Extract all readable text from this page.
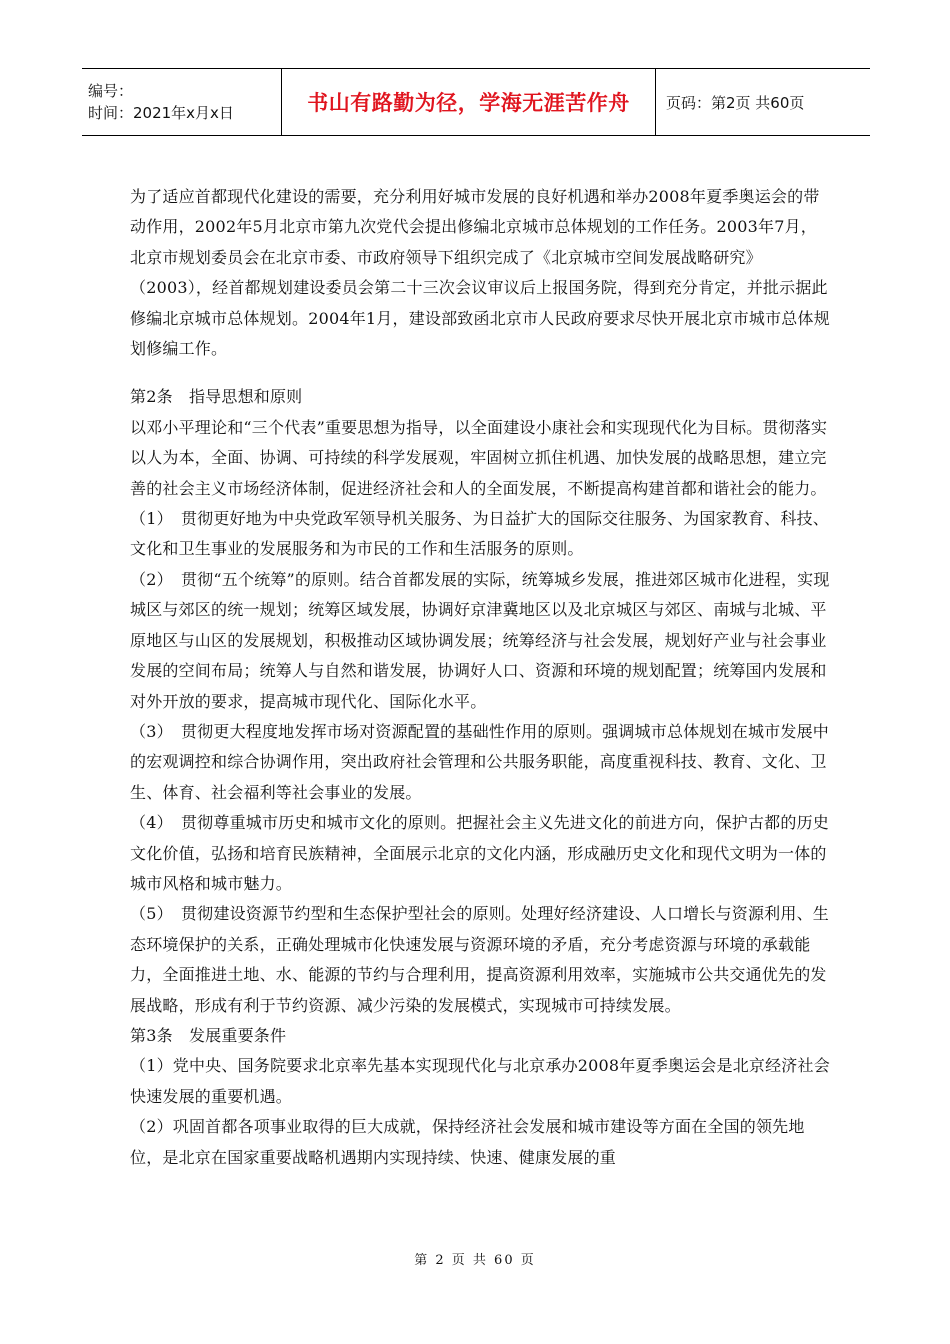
编号：
时间：2021年x月x日	书山有路勤为径，学海无涯苦作舟 页码：第2页 共60页

为了适应首都现代化建设的需要，充分利用好城市发展的良好机遇和举办2008年夏季奥运会的带动作用，2002年5月北京市第九次党代会提出修编北京城市总体规划的工作任务。2003年7月，北京市规划委员会在北京市委、市政府领导下组织完成了《北京城市空间发展战略研究》（2003），经首都规划建设委员会第二十三次会议审议后上报国务院，得到充分肯定，并批示据此修编北京城市总体规划。2004年1月，建设部致函北京市人民政府要求尽快开展北京市城市总体规划修编工作。

第2条　指导思想和原则

以邓小平理论和“三个代表”重要思想为指导，以全面建设小康社会和实现现代化为目标。贯彻落实以人为本，全面、协调、可持续的科学发展观，牢固树立抓住机遇、加快发展的战略思想，建立完善的社会主义市场经济体制，促进经济社会和人的全面发展，不断提高构建首都和谐社会的能力。

（1）　贯彻更好地为中央党政军领导机关服务、为日益扩大的国际交往服务、为国家教育、科技、文化和卫生事业的发展服务和为市民的工作和生活服务的原则。

（2）　贯彻“五个统筹”的原则。结合首都发展的实际，统筹城乡发展，推进郊区城市化进程，实现城区与郊区的统一规划；统筹区域发展，协调好京津冀地区以及北京城区与郊区、南城与北城、平原地区与山区的发展规划，积极推动区域协调发展；统筹经济与社会发展，规划好产业与社会事业发展的空间布局；统筹人与自然和谐发展，协调好人口、资源和环境的规划配置；统筹国内发展和对外开放的要求，提高城市现代化、国际化水平。

（3）　贯彻更大程度地发挥市场对资源配置的基础性作用的原则。强调城市总体规划在城市发展中的宏观调控和综合协调作用，突出政府社会管理和公共服务职能，高度重视科技、教育、文化、卫生、体育、社会福利等社会事业的发展。

（4）　贯彻尊重城市历史和城市文化的原则。把握社会主义先进文化的前进方向，保护古都的历史文化价值，弘扬和培育民族精神，全面展示北京的文化内涵，形成融历史文化和现代文明为一体的城市风格和城市魅力。

（5）　贯彻建设资源节约型和生态保护型社会的原则。处理好经济建设、人口增长与资源利用、生态环境保护的关系，正确处理城市化快速发展与资源环境的矛盾，充分考虑资源与环境的承载能力，全面推进土地、水、能源的节约与合理利用，提高资源利用效率，实施城市公共交通优先的发展战略，形成有利于节约资源、减少污染的发展模式，实现城市可持续发展。

第3条　发展重要条件

（1）党中央、国务院要求北京率先基本实现现代化与北京承办2008年夏季奥运会是北京经济社会快速发展的重要机遇。

（2）巩固首都各项事业取得的巨大成就，保持经济社会发展和城市建设等方面在全国的领先地位，是北京在国家重要战略机遇期内实现持续、快速、健康发展的重

第 2 页 共 60 页
